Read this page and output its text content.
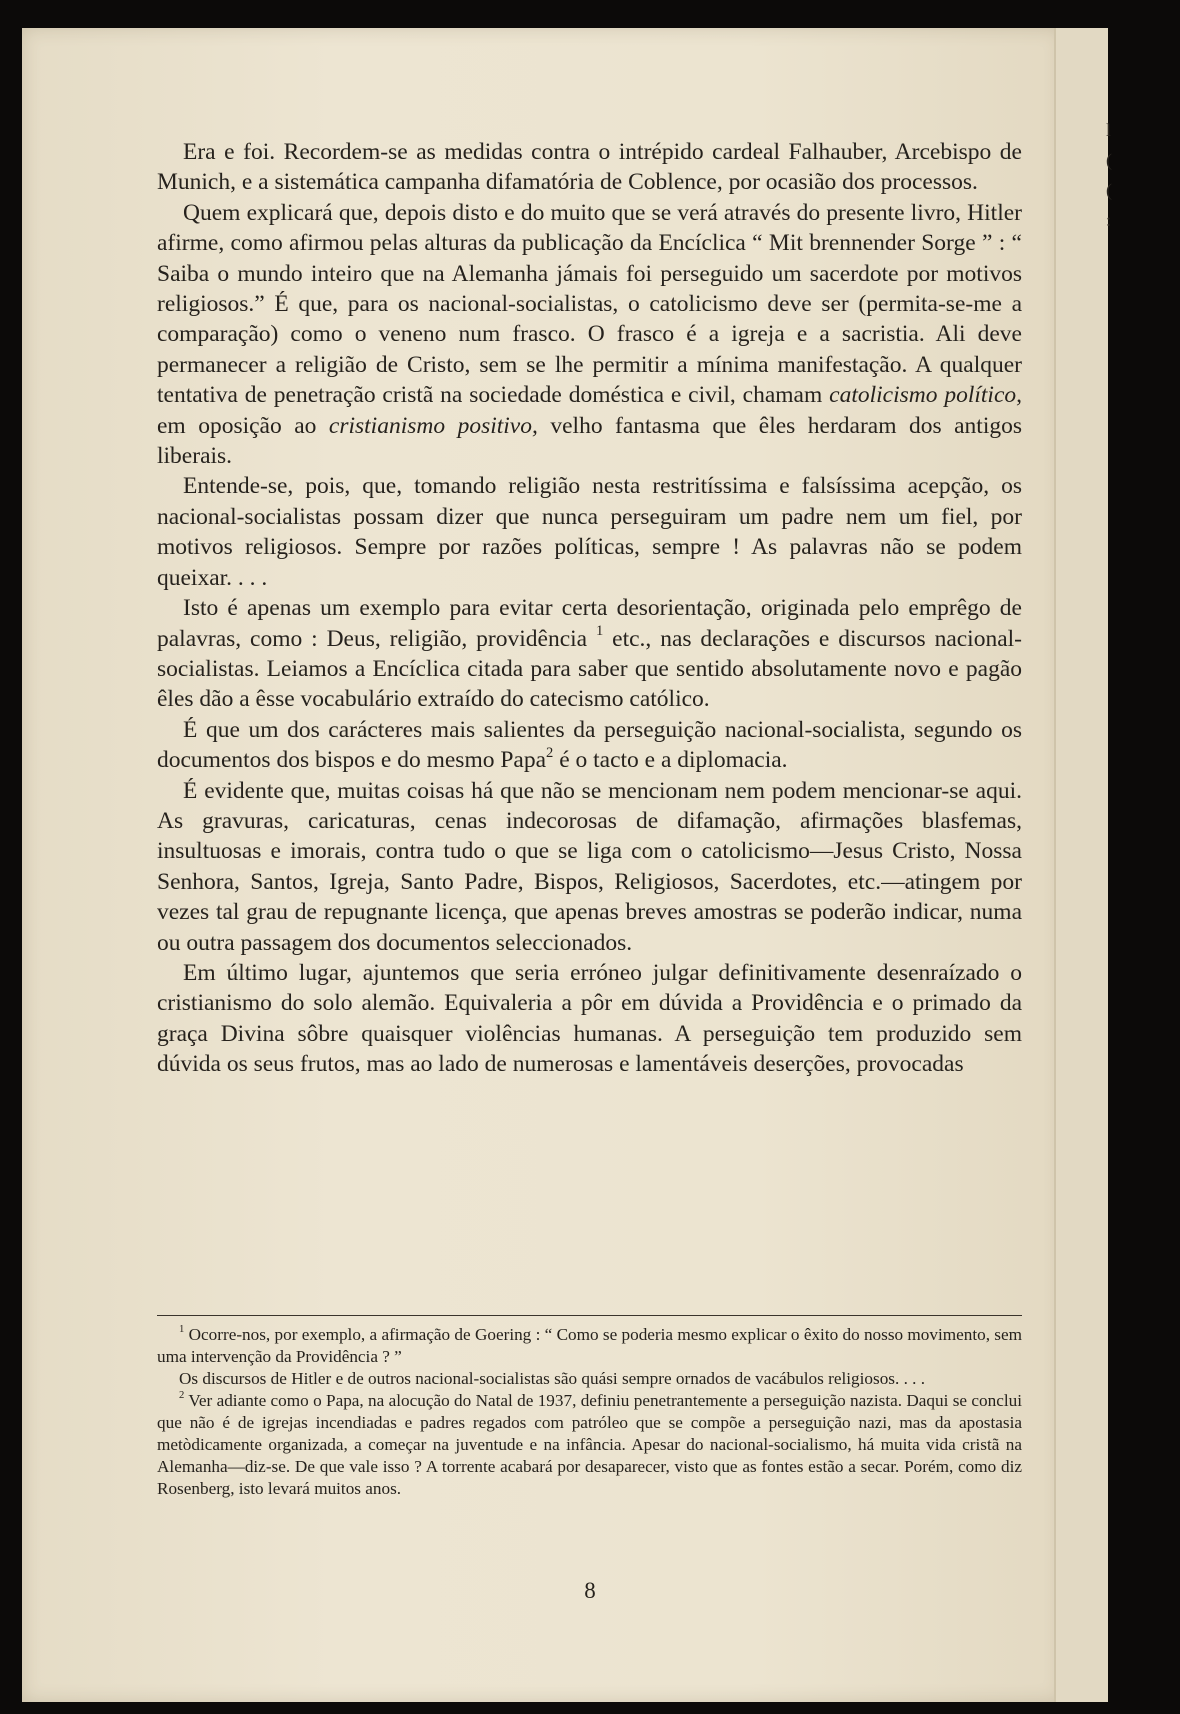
l
(
(
:

Era e foi. Recordem-se as medidas contra o intrépido cardeal Falhauber, Arcebispo de Munich, e a sistemática campanha difamatória de Coblence, por ocasião dos processos.

Quem explicará que, depois disto e do muito que se verá através do presente livro, Hitler afirme, como afirmou pelas alturas da publicação da Encíclica “ Mit brennender Sorge ” : “ Saiba o mundo inteiro que na Alemanha jámais foi perseguido um sacerdote por motivos religiosos.” É que, para os nacional-socialistas, o catolicismo deve ser (permita-se-me a comparação) como o veneno num frasco. O frasco é a igreja e a sacristia. Ali deve permanecer a religião de Cristo, sem se lhe permitir a mínima manifestação. A qualquer tentativa de penetração cristã na sociedade doméstica e civil, chamam catolicismo político, em oposição ao cristianismo positivo, velho fantasma que êles herdaram dos antigos liberais.

Entende-se, pois, que, tomando religião nesta restritíssima e falsíssima acepção, os nacional-socialistas possam dizer que nunca perseguiram um padre nem um fiel, por motivos religiosos. Sempre por razões políticas, sempre ! As palavras não se podem queixar. . . .

Isto é apenas um exemplo para evitar certa desorientação, originada pelo emprêgo de palavras, como : Deus, religião, providência $^1$ etc., nas declarações e discursos nacional-socialistas. Leiamos a Encíclica citada para saber que sentido absolutamente novo e pagão êles dão a êsse vocabulário extraído do catecismo católico.

É que um dos carácteres mais salientes da perseguição nacional-socialista, segundo os documentos dos bispos e do mesmo Papa$^2$ é o tacto e a diplomacia.

É evidente que, muitas coisas há que não se mencionam nem podem mencionar-se aqui. As gravuras, caricaturas, cenas indecorosas de difamação, afirmações blasfemas, insultuosas e imorais, contra tudo o que se liga com o catolicismo—Jesus Cristo, Nossa Senhora, Santos, Igreja, Santo Padre, Bispos, Religiosos, Sacerdotes, etc.—atingem por vezes tal grau de repugnante licença, que apenas breves amostras se poderão indicar, numa ou outra passagem dos documentos seleccionados.

Em último lugar, ajuntemos que seria erróneo julgar definitivamente desenraízado o cristianismo do solo alemão. Equivaleria a pôr em dúvida a Providência e o primado da graça Divina sôbre quaisquer violências humanas. A perseguição tem produzido sem dúvida os seus frutos, mas ao lado de numerosas e lamentáveis deserções, provocadas

$^1$ Ocorre-nos, por exemplo, a afirmação de Goering : “ Como se poderia mesmo explicar o êxito do nosso movimento, sem uma intervenção da Providência ? ”

Os discursos de Hitler e de outros nacional-socialistas são quási sempre ornados de vacábulos religiosos. . . .

$^2$ Ver adiante como o Papa, na alocução do Natal de 1937, definiu penetrantemente a perseguição nazista. Daqui se conclui que não é de igrejas incendiadas e padres regados com patróleo que se compõe a perseguição nazi, mas da apostasia metòdicamente organizada, a começar na juventude e na infância. Apesar do nacional-socialismo, há muita vida cristã na Alemanha—diz-se. De que vale isso ? A torrente acabará por desaparecer, visto que as fontes estão a secar. Porém, como diz Rosenberg, isto levará muitos anos.

8
